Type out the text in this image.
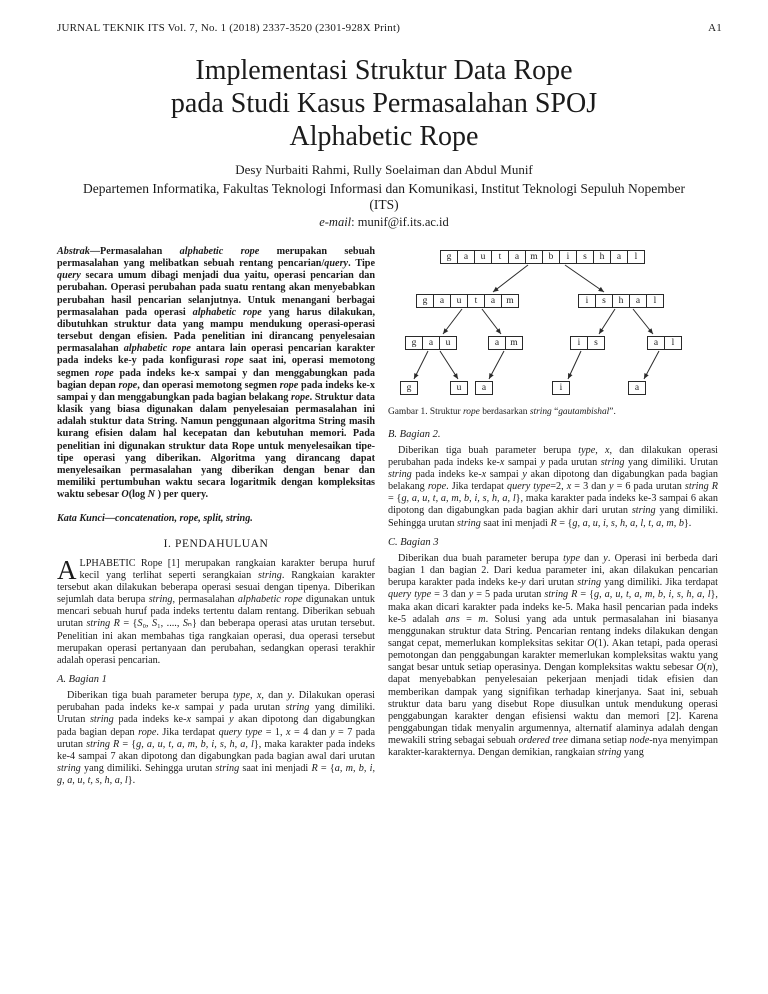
JURNAL TEKNIK ITS Vol. 7, No. 1 (2018) 2337-3520 (2301-928X Print)	A1
Implementasi Struktur Data Rope
pada Studi Kasus Permasalahan SPOJ
Alphabetic Rope
Desy Nurbaiti Rahmi, Rully Soelaiman dan Abdul Munif
Departemen Informatika, Fakultas Teknologi Informasi dan Komunikasi, Institut Teknologi Sepuluh Nopember
(ITS)
e-mail: munif@if.its.ac.id

Abstrak—Permasalahan alphabetic rope merupakan sebuah permasalahan yang melibatkan sebuah rentang pencarian/query. Tipe query secara umum dibagi menjadi dua yaitu, operasi pencarian dan perubahan. Operasi perubahan pada suatu rentang akan menyebabkan perubahan hasil pencarian selanjutnya. Untuk menangani berbagai permasalahan pada operasi alphabetic rope yang harus dilakukan, dibutuhkan struktur data yang mampu mendukung operasi-operasi tersebut dengan efisien. Pada penelitian ini dirancang penyelesaian permasalahan alphabetic rope antara lain operasi pencarian karakter pada indeks ke-y pada konfigurasi rope saat ini, operasi memotong segmen rope pada indeks ke-x sampai y dan menggabungkan pada bagian depan rope, dan operasi memotong segmen rope pada indeks ke-x sampai y dan menggabungkan pada bagian belakang rope. Struktur data klasik yang biasa digunakan dalam penyelesaian permasalahan ini adalah stuktur data String. Namun penggunaan algoritma String masih kurang efisien dalam hal kecepatan dan kebutuhan memori. Pada penelitian ini digunakan struktur data Rope untuk menyelesaikan tipe-tipe operasi yang diberikan. Algoritma yang dirancang dapat menyelesaikan permasalahan yang diberikan dengan benar dan memiliki pertumbuhan waktu secara logaritmik dengan kompleksitas waktu sebesar O(log N ) per query.

Kata Kunci—concatenation, rope, split, string.

I. PENDAHULUAN

ALPHABETIC Rope [1] merupakan rangkaian karakter berupa huruf kecil yang terlihat seperti serangkaian string. Rangkaian karakter tersebut akan dilakukan beberapa operasi sesuai dengan tipenya. Diberikan sejumlah data berupa string, permasalahan alphabetic rope digunakan untuk mencari sebuah huruf pada indeks tertentu dalam rentang. Diberikan sebuah urutan string R = {S₀, S₁, ...., Sₙ} dan beberapa operasi atas urutan tersebut. Penelitian ini akan membahas tiga rangkaian operasi, dua operasi tersebut merupakan operasi pertanyaan dan perubahan, sedangkan operasi terakhir adalah operasi pencarian.

A. Bagian 1

Diberikan tiga buah parameter berupa type, x, dan y. Dilakukan operasi perubahan pada indeks ke-x sampai y pada urutan string yang dimiliki. Urutan string pada indeks ke-x sampai y akan dipotong dan digabungkan pada bagian depan rope. Jika terdapat query type = 1, x = 4 dan y = 7 pada urutan string R = {g, a, u, t, a, m, b, i, s, h, a, l}, maka karakter pada indeks ke-4 sampai 7 akan dipotong dan digabungkan pada bagian awal dari urutan string yang dimiliki. Sehingga urutan string saat ini menjadi R = {a, m, b, i, g, a, u, t, s, h, a, l}.

g	a	u	t	a	m	b	i	s	h	a	l
g	a	u	t	a	m	i	s	h	a	l
g	a	u	a	m	i	s	a	l
g	u	a	i	a
Gambar 1. Struktur rope berdasarkan string “gautambishal”.
B. Bagian 2.

Diberikan tiga buah parameter berupa type, x, dan dilakukan operasi perubahan pada indeks ke-x sampai y pada urutan string yang dimiliki. Urutan string pada indeks ke-x sampai y akan dipotong dan digabungkan pada bagian belakang rope. Jika terdapat query type=2, x = 3 dan y = 6 pada urutan string R = {g, a, u, t, a, m, b, i, s, h, a, l}, maka karakter pada indeks ke-3 sampai 6 akan dipotong dan digabungkan pada bagian akhir dari urutan string yang dimiliki. Sehingga urutan string saat ini menjadi R = {g, a, u, i, s, h, a, l, t, a, m, b}.

C. Bagian 3

Diberikan dua buah parameter berupa type dan y. Operasi ini berbeda dari bagian 1 dan bagian 2. Dari kedua parameter ini, akan dilakukan pencarian berupa karakter pada indeks ke-y dari urutan string yang dimiliki. Jika terdapat query type = 3 dan y = 5 pada urutan string R = {g, a, u, t, a, m, b, i, s, h, a, l}, maka akan dicari karakter pada indeks ke-5. Maka hasil pencarian pada indeks ke-5 adalah ans = m. Solusi yang ada untuk permasalahan ini biasanya menggunakan struktur data String. Pencarian rentang indeks dilakukan dengan sangat cepat, memerlukan kompleksitas sekitar O(1). Akan tetapi, pada operasi pemotongan dan penggabungan karakter memerlukan kompleksitas waktu yang sangat besar untuk setiap operasinya. Dengan kompleksitas waktu sebesar O(n), dapat menyebabkan penyelesaian pekerjaan menjadi tidak efisien dan memberikan dampak yang signifikan terhadap kinerjanya. Saat ini, sebuah struktur data baru yang disebut Rope diusulkan untuk mendukung operasi penggabungan karakter dengan efisiensi waktu dan memori [2]. Karena penggabungan tidak menyalin argumennya, alternatif alaminya adalah dengan mewakili string sebagai sebuah ordered tree dimana setiap node-nya menyimpan karakter-karakternya. Dengan demikian, rangkaian string yang
